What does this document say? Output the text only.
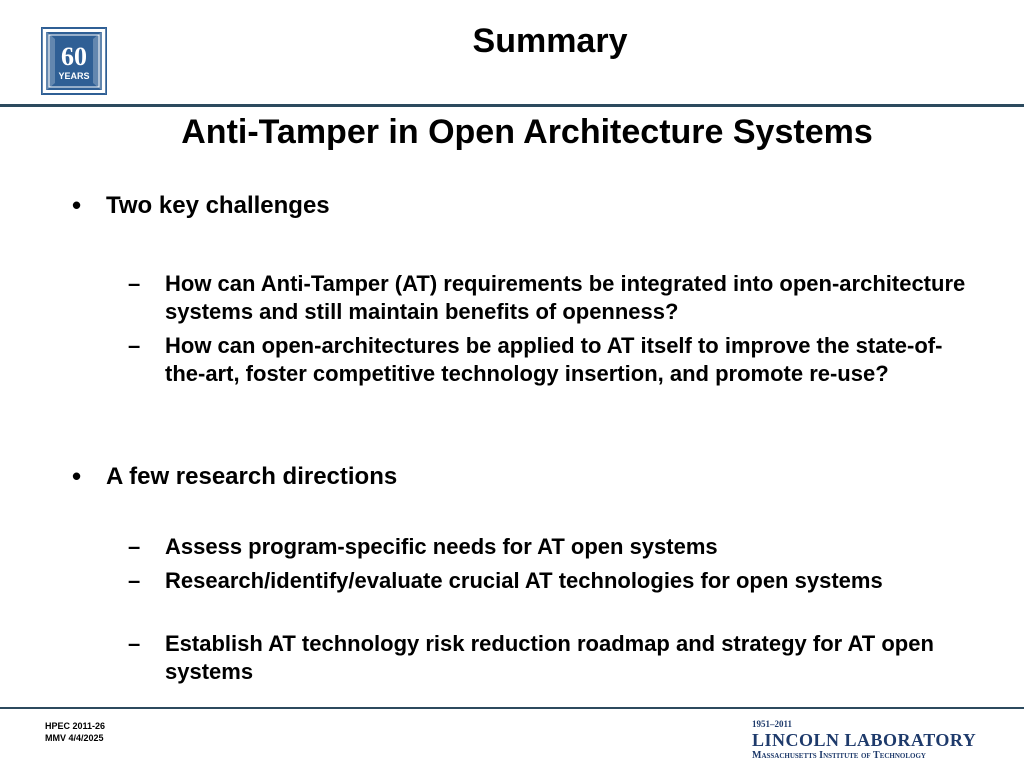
60
YEARS
Summary
Anti-Tamper in Open Architecture Systems
• Two key challenges
– How can Anti-Tamper (AT) requirements be integrated into open-architecture systems and still maintain benefits of openness?
– How can open-architectures be applied to AT itself to improve the state-of-the-art, foster competitive technology insertion, and promote re-use?
• A few research directions
– Assess program-specific needs for AT open systems
– Research/identify/evaluate crucial AT technologies for open systems
– Establish AT technology risk reduction roadmap and strategy for AT open systems
HPEC 2011-26
MMV 4/4/2025
1951–2011
LINCOLN LABORATORY
Massachusetts Institute of Technology
